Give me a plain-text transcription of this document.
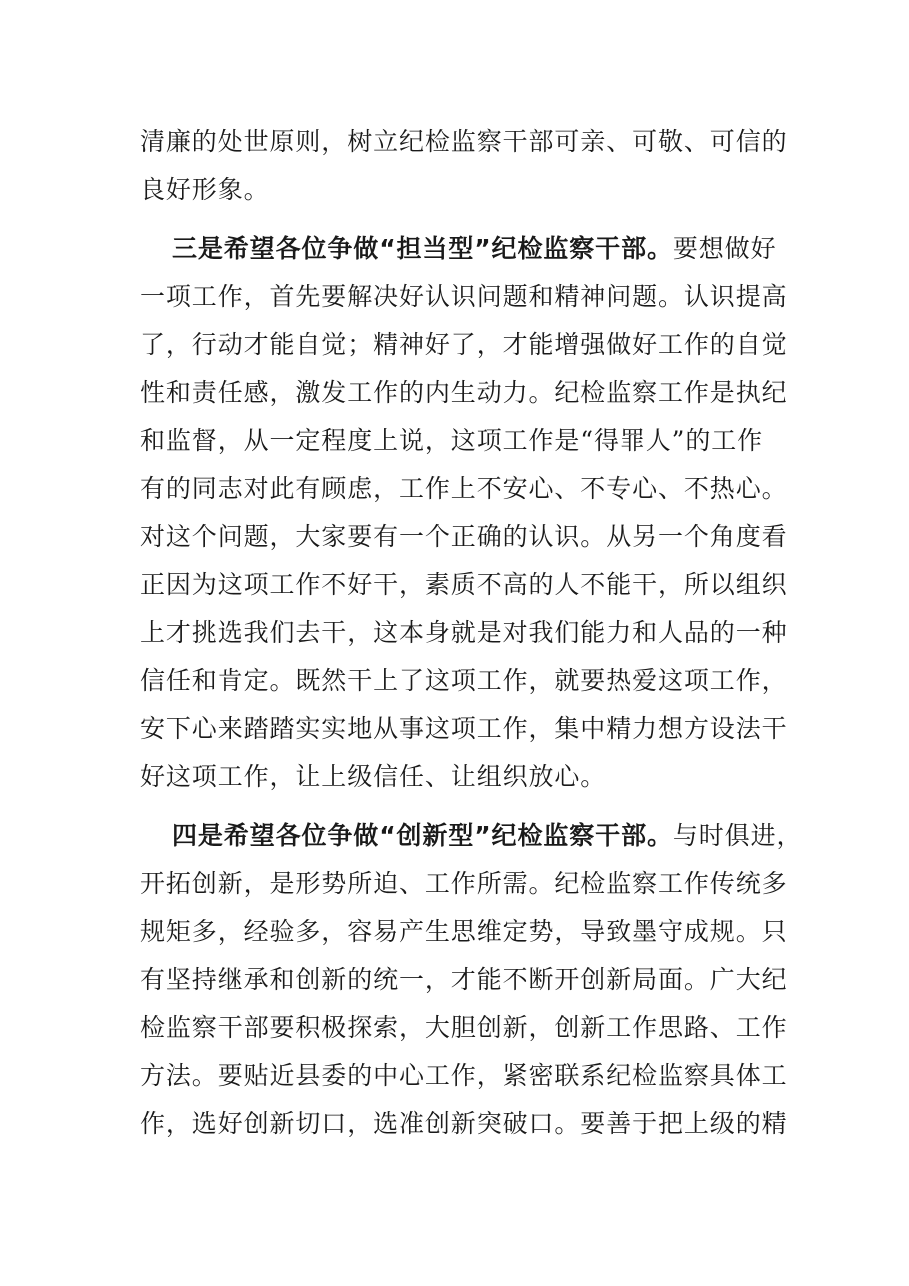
清廉的处世原则，树立纪检监察干部可亲、可敬、可信的
良好形象。
三是希望各位争做“担当型”纪检监察干部。要想做好
一项工作，首先要解决好认识问题和精神问题。认识提高
了，行动才能自觉；精神好了，才能增强做好工作的自觉
性和责任感，激发工作的内生动力。纪检监察工作是执纪
和监督，从一定程度上说，这项工作是“得罪人”的工作
有的同志对此有顾虑，工作上不安心、不专心、不热心。
对这个问题，大家要有一个正确的认识。从另一个角度看
正因为这项工作不好干，素质不高的人不能干，所以组织
上才挑选我们去干，这本身就是对我们能力和人品的一种
信任和肯定。既然干上了这项工作，就要热爱这项工作，
安下心来踏踏实实地从事这项工作，集中精力想方设法干
好这项工作，让上级信任、让组织放心。
四是希望各位争做“创新型”纪检监察干部。与时俱进，
开拓创新，是形势所迫、工作所需。纪检监察工作传统多
规矩多，经验多，容易产生思维定势，导致墨守成规。只
有坚持继承和创新的统一，才能不断开创新局面。广大纪
检监察干部要积极探索，大胆创新，创新工作思路、工作
方法。要贴近县委的中心工作，紧密联系纪检监察具体工
作，选好创新切口，选准创新突破口。要善于把上级的精
